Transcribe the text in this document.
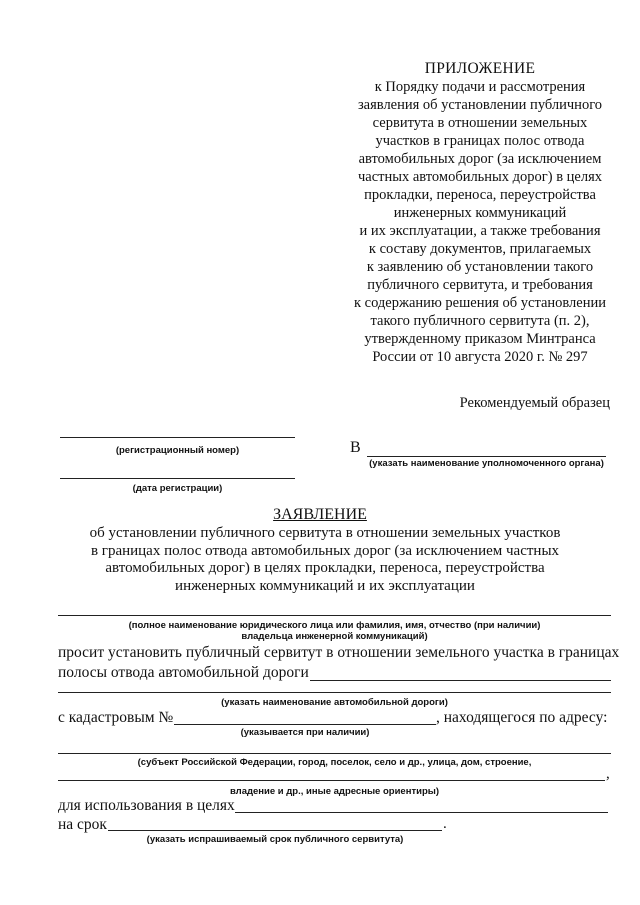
ПРИЛОЖЕНИЕ
к Порядку подачи и рассмотрения
заявления об установлении публичного
сервитута в отношении земельных
участков в границах полос отвода
автомобильных дорог (за исключением
частных автомобильных дорог) в целях
прокладки, переноса, переустройства
инженерных коммуникаций
и их эксплуатации, а также требования
к составу документов, прилагаемых
к заявлению об установлении такого
публичного сервитута, и требования
к содержанию решения об установлении
такого публичного сервитута (п. 2),
утвержденному приказом Минтранса
России от 10 августа 2020 г. № 297
Рекомендуемый образец
(регистрационный номер)	В
(указать наименование уполномоченного органа)
(дата регистрации)
ЗАЯВЛЕНИЕ
об установлении публичного сервитута в отношении земельных участков
в границах полос отвода автомобильных дорог (за исключением частных
автомобильных дорог) в целях прокладки, переноса, переустройства
инженерных коммуникаций и их эксплуатации
(полное наименование юридического лица или фамилия, имя, отчество (при наличии)
владельца инженерной коммуникаций)
просит установить публичный сервитут в отношении земельного участка в границах
полосы отвода автомобильной дороги
(указать наименование автомобильной дороги)
с кадастровым №	, находящегося по адресу:
(указывается при наличии)
(субъект Российской Федерации, город, поселок, село и др., улица, дом, строение,
,
владение и др., иные адресные ориентиры)
для использования в целях
на срок	.
(указать испрашиваемый срок публичного сервитута)
